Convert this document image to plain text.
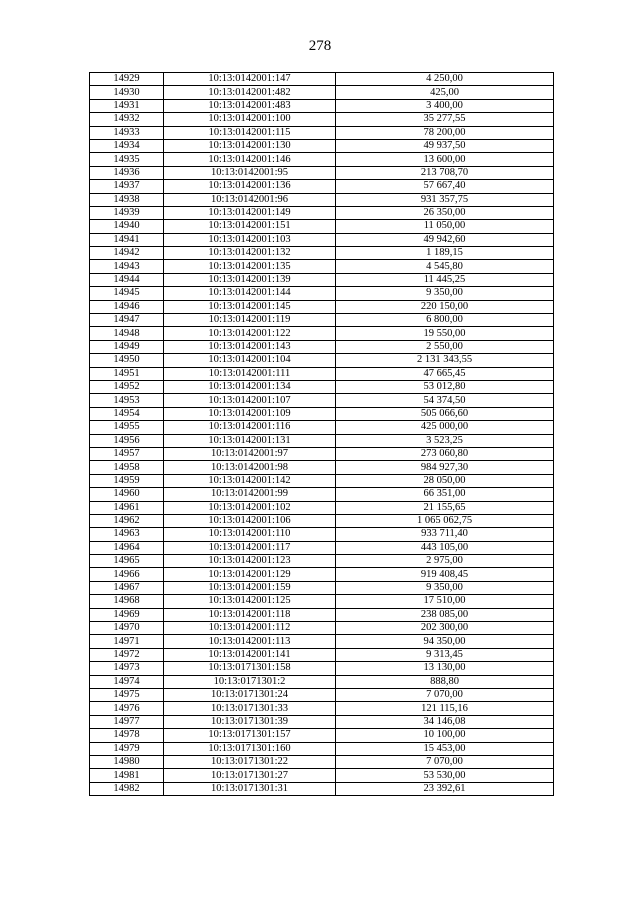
278
14929	10:13:0142001:147	4 250,00
14930	10:13:0142001:482	425,00
14931	10:13:0142001:483	3 400,00
14932	10:13:0142001:100	35 277,55
14933	10:13:0142001:115	78 200,00
14934	10:13:0142001:130	49 937,50
14935	10:13:0142001:146	13 600,00
14936	10:13:0142001:95	213 708,70
14937	10:13:0142001:136	57 667,40
14938	10:13:0142001:96	931 357,75
14939	10:13:0142001:149	26 350,00
14940	10:13:0142001:151	11 050,00
14941	10:13:0142001:103	49 942,60
14942	10:13:0142001:132	1 189,15
14943	10:13:0142001:135	4 545,80
14944	10:13:0142001:139	11 445,25
14945	10:13:0142001:144	9 350,00
14946	10:13:0142001:145	220 150,00
14947	10:13:0142001:119	6 800,00
14948	10:13:0142001:122	19 550,00
14949	10:13:0142001:143	2 550,00
14950	10:13:0142001:104	2 131 343,55
14951	10:13:0142001:111	47 665,45
14952	10:13:0142001:134	53 012,80
14953	10:13:0142001:107	54 374,50
14954	10:13:0142001:109	505 066,60
14955	10:13:0142001:116	425 000,00
14956	10:13:0142001:131	3 523,25
14957	10:13:0142001:97	273 060,80
14958	10:13:0142001:98	984 927,30
14959	10:13:0142001:142	28 050,00
14960	10:13:0142001:99	66 351,00
14961	10:13:0142001:102	21 155,65
14962	10:13:0142001:106	1 065 062,75
14963	10:13:0142001:110	933 711,40
14964	10:13:0142001:117	443 105,00
14965	10:13:0142001:123	2 975,00
14966	10:13:0142001:129	919 408,45
14967	10:13:0142001:159	9 350,00
14968	10:13:0142001:125	17 510,00
14969	10:13:0142001:118	238 085,00
14970	10:13:0142001:112	202 300,00
14971	10:13:0142001:113	94 350,00
14972	10:13:0142001:141	9 313,45
14973	10:13:0171301:158	13 130,00
14974	10:13:0171301:2	888,80
14975	10:13:0171301:24	7 070,00
14976	10:13:0171301:33	121 115,16
14977	10:13:0171301:39	34 146,08
14978	10:13:0171301:157	10 100,00
14979	10:13:0171301:160	15 453,00
14980	10:13:0171301:22	7 070,00
14981	10:13:0171301:27	53 530,00
14982	10:13:0171301:31	23 392,61
